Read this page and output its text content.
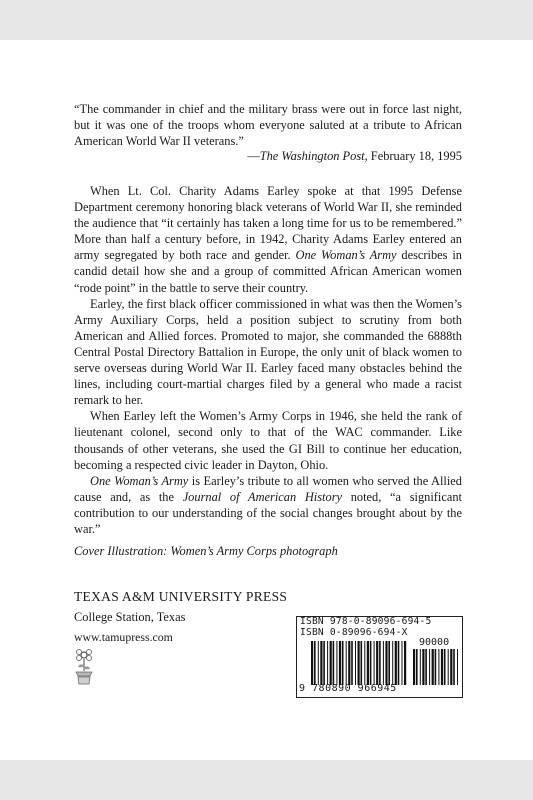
“The commander in chief and the military brass were out in force last night, but it was one of the troops whom everyone saluted at a tribute to African American World War II veterans.”
—The Washington Post, February 18, 1995

When Lt. Col. Charity Adams Earley spoke at that 1995 Defense Department ceremony honoring black veterans of World War II, she reminded the audience that “it certainly has taken a long time for us to be remembered.” More than half a century before, in 1942, Charity Adams Earley entered an army segregated by both race and gender. One Woman’s Army describes in candid detail how she and a group of committed African American women “rode point” in the battle to serve their country.

Earley, the first black officer commissioned in what was then the Women’s Army Auxiliary Corps, held a position subject to scrutiny from both American and Allied forces. Promoted to major, she commanded the 6888th Central Postal Directory Battalion in Europe, the only unit of black women to serve overseas during World War II. Earley faced many obstacles behind the lines, including court-martial charges filed by a general who made a racist remark to her.

When Earley left the Women’s Army Corps in 1946, she held the rank of lieutenant colonel, second only to that of the WAC commander. Like thousands of other veterans, she used the GI Bill to continue her education, becoming a respected civic leader in Dayton, Ohio.

One Woman’s Army is Earley’s tribute to all women who served the Allied cause and, as the Journal of American History noted, “a significant contribution to our understanding of the social changes brought about by the war.”

Cover Illustration: Women’s Army Corps photograph
TEXAS A&M UNIVERSITY PRESS
College Station, Texas
www.tamupress.com
ISBN 978-0-89096-694-5
ISBN 0-89096-694-X
90000
9 780890 966945
